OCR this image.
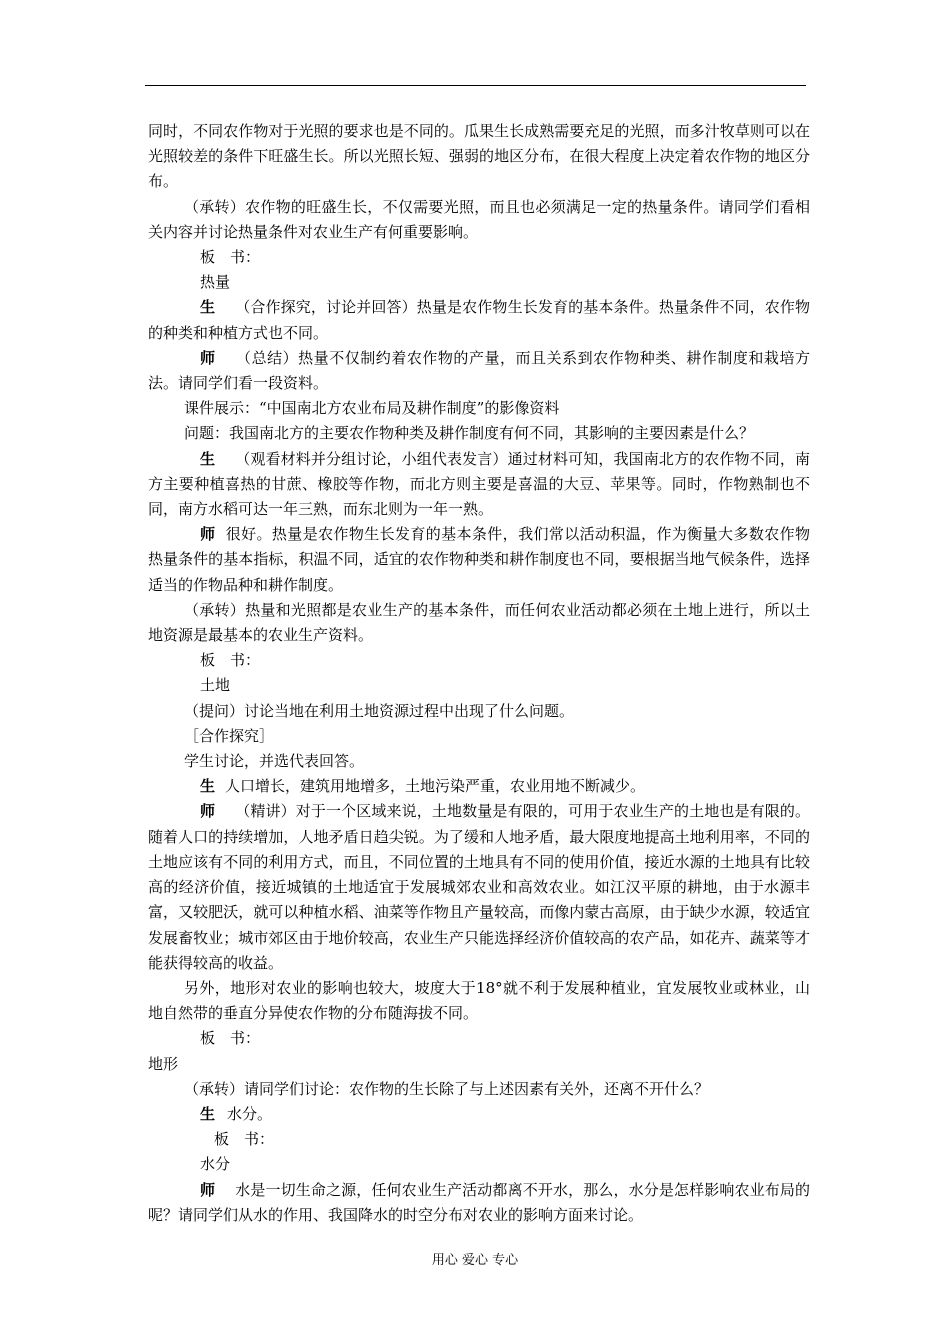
同时，不同农作物对于光照的要求也是不同的。瓜果生长成熟需要充足的光照，而多汁牧草则可以在光照较差的条件下旺盛生长。所以光照长短、强弱的地区分布，在很大程度上决定着农作物的地区分布。

（承转）农作物的旺盛生长，不仅需要光照，而且也必须满足一定的热量条件。请同学们看相关内容并讨论热量条件对农业生产有何重要影响。

板　书：

热量

生 （合作探究，讨论并回答）热量是农作物生长发育的基本条件。热量条件不同，农作物的种类和种植方式也不同。

师 （总结）热量不仅制约着农作物的产量，而且关系到农作物种类、耕作制度和栽培方法。请同学们看一段资料。

课件展示：“中国南北方农业布局及耕作制度”的影像资料

问题：我国南北方的主要农作物种类及耕作制度有何不同，其影响的主要因素是什么？

生 （观看材料并分组讨论，小组代表发言）通过材料可知，我国南北方的农作物不同，南方主要种植喜热的甘蔗、橡胶等作物，而北方则主要是喜温的大豆、苹果等。同时，作物熟制也不同，南方水稻可达一年三熟，而东北则为一年一熟。

师 很好。热量是农作物生长发育的基本条件，我们常以活动积温，作为衡量大多数农作物热量条件的基本指标，积温不同，适宜的农作物种类和耕作制度也不同，要根据当地气候条件，选择适当的作物品种和耕作制度。

（承转）热量和光照都是农业生产的基本条件，而任何农业活动都必须在土地上进行，所以土地资源是最基本的农业生产资料。

板　书：

土地

（提问）讨论当地在利用土地资源过程中出现了什么问题。

［合作探究］

学生讨论，并选代表回答。

生 人口增长，建筑用地增多，土地污染严重，农业用地不断减少。

师 （精讲）对于一个区域来说，土地数量是有限的，可用于农业生产的土地也是有限的。随着人口的持续增加，人地矛盾日趋尖锐。为了缓和人地矛盾，最大限度地提高土地利用率，不同的土地应该有不同的利用方式，而且，不同位置的土地具有不同的使用价值，接近水源的土地具有比较高的经济价值，接近城镇的土地适宜于发展城郊农业和高效农业。如江汉平原的耕地，由于水源丰富，又较肥沃，就可以种植水稻、油菜等作物且产量较高，而像内蒙古高原，由于缺少水源，较适宜发展畜牧业；城市郊区由于地价较高，农业生产只能选择经济价值较高的农产品，如花卉、蔬菜等才能获得较高的收益。

另外，地形对农业的影响也较大，坡度大于18°就不利于发展种植业，宜发展牧业或林业，山地自然带的垂直分异使农作物的分布随海拔不同。

板　书：

地形

（承转）请同学们讨论：农作物的生长除了与上述因素有关外，还离不开什么？

生 水分。

板　书：

水分

师 水是一切生命之源，任何农业生产活动都离不开水，那么，水分是怎样影响农业布局的呢？请同学们从水的作用、我国降水的时空分布对农业的影响方面来讨论。

用心 爱心 专心
